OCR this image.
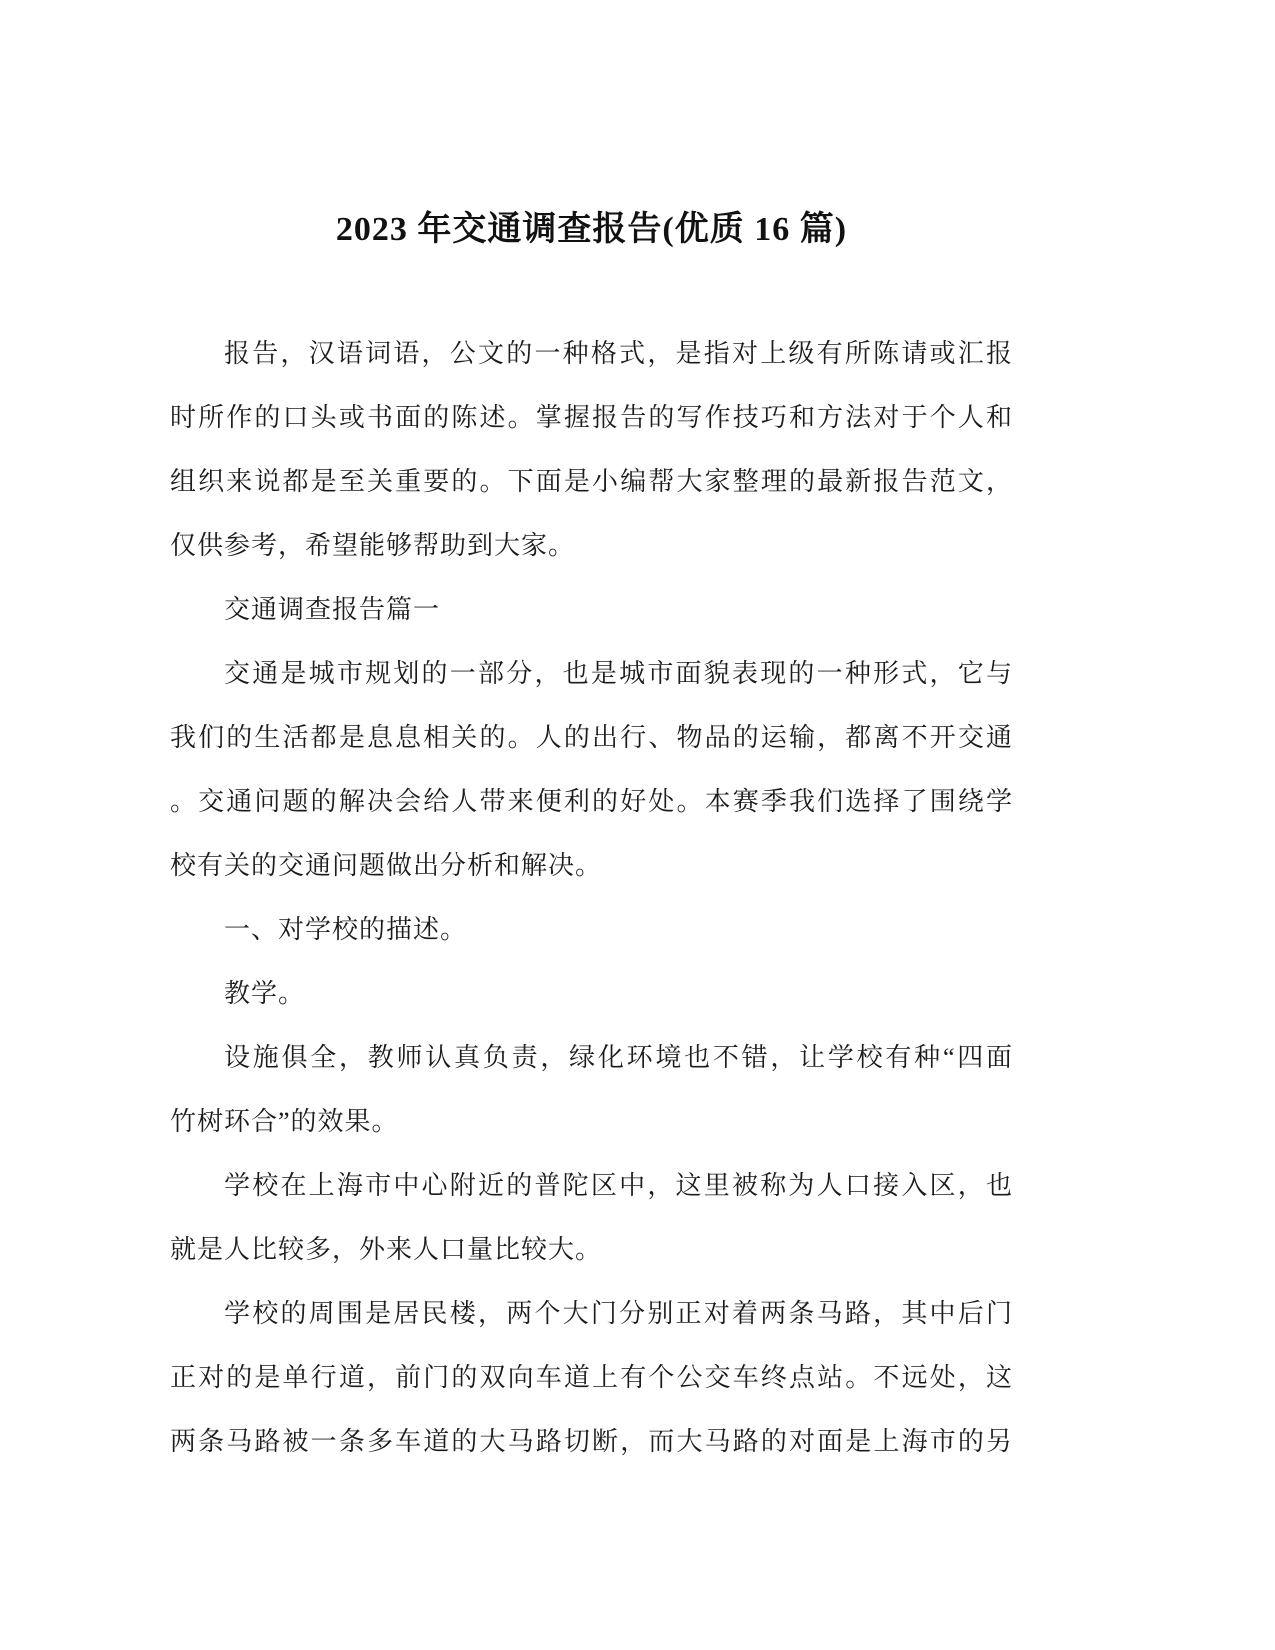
2023 年交通调查报告(优质 16 篇)
报告，汉语词语，公文的一种格式，是指对上级有所陈请或汇报
时所作的口头或书面的陈述。掌握报告的写作技巧和方法对于个人和
组织来说都是至关重要的。下面是小编帮大家整理的最新报告范文，
仅供参考，希望能够帮助到大家。
交通调查报告篇一
交通是城市规划的一部分，也是城市面貌表现的一种形式，它与
我们的生活都是息息相关的。人的出行、物品的运输，都离不开交通
。交通问题的解决会给人带来便利的好处。本赛季我们选择了围绕学
校有关的交通问题做出分析和解决。
一、对学校的描述。
教学。
设施俱全，教师认真负责，绿化环境也不错，让学校有种“四面
竹树环合”的效果。
学校在上海市中心附近的普陀区中，这里被称为人口接入区，也
就是人比较多，外来人口量比较大。
学校的周围是居民楼，两个大门分别正对着两条马路，其中后门
正对的是单行道，前门的双向车道上有个公交车终点站。不远处，这
两条马路被一条多车道的大马路切断，而大马路的对面是上海市的另
